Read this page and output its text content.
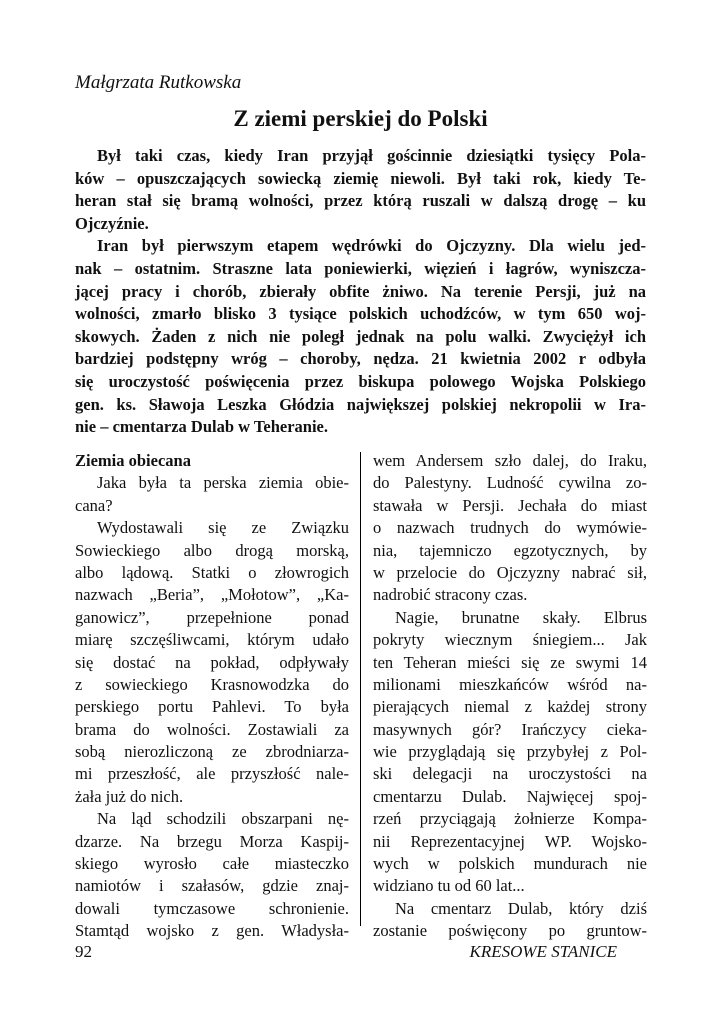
Małgrzata Rutkowska
Z ziemi perskiej do Polski
Był taki czas, kiedy Iran przyjął gościnnie dziesiątki tysięcy Pola-
ków – opuszczających sowiecką ziemię niewoli. Był taki rok, kiedy Te-
heran stał się bramą wolności, przez którą ruszali w dalszą drogę – ku
Ojczyźnie.
Iran był pierwszym etapem wędrówki do Ojczyzny. Dla wielu jed-
nak – ostatnim. Straszne lata poniewierki, więzień i łagrów, wyniszcza-
jącej pracy i chorób, zbierały obfite żniwo. Na terenie Persji, już na
wolności, zmarło blisko 3 tysiące polskich uchodźców, w tym 650 woj-
skowych. Żaden z nich nie poległ jednak na polu walki. Zwyciężył ich
bardziej podstępny wróg – choroby, nędza. 21 kwietnia 2002 r odbyła
się uroczystość poświęcenia przez biskupa polowego Wojska Polskiego
gen. ks. Sławoja Leszka Głódzia największej polskiej nekropolii w Ira-
nie – cmentarza Dulab w Teheranie.
Ziemia obiecana
Jaka była ta perska ziemia obie-
cana?
Wydostawali się ze Związku
Sowieckiego albo drogą morską,
albo lądową. Statki o złowrogich
nazwach „Beria”, „Mołotow”, „Ka-
ganowicz”, przepełnione ponad
miarę szczęśliwcami, którym udało
się dostać na pokład, odpływały
z sowieckiego Krasnowodzka do
perskiego portu Pahlevi. To była
brama do wolności. Zostawiali za
sobą nierozliczoną ze zbrodniarza-
mi przeszłość, ale przyszłość nale-
żała już do nich.
Na ląd schodzili obszarpani nę-
dzarze. Na brzegu Morza Kaspij-
skiego wyrosło całe miasteczko
namiotów i szałasów, gdzie znaj-
dowali tymczasowe schronienie.
Stamtąd wojsko z gen. Władysła-
wem Andersem szło dalej, do Iraku,
do Palestyny. Ludność cywilna zo-
stawała w Persji. Jechała do miast
o nazwach trudnych do wymówie-
nia, tajemniczo egzotycznych, by
w przelocie do Ojczyzny nabrać sił,
nadrobić stracony czas.
Nagie, brunatne skały. Elbrus
pokryty wiecznym śniegiem... Jak
ten Teheran mieści się ze swymi 14
milionami mieszkańców wśród na-
pierających niemal z każdej strony
masywnych gór? Irańczycy cieka-
wie przyglądają się przybyłej z Pol-
ski delegacji na uroczystości na
cmentarzu Dulab. Najwięcej spoj-
rzeń przyciągają żołnierze Kompa-
nii Reprezentacyjnej WP. Wojsko-
wych w polskich mundurach nie
widziano tu od 60 lat...
Na cmentarz Dulab, który dziś
zostanie poświęcony po gruntow-
92	KRESOWE STANICE
